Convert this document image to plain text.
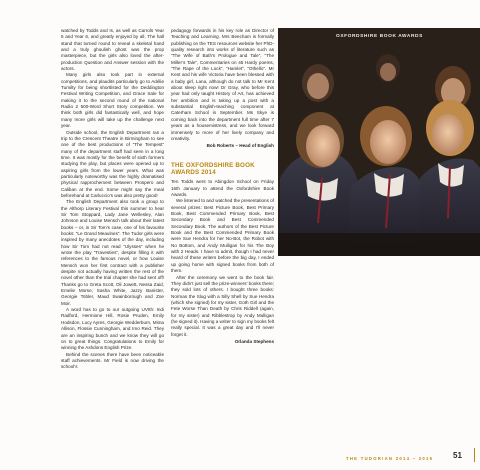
watched by Todds and Is, as well as Carrols Year 5 and Year 6, and greatly enjoyed by all. The hall stand that turned round to reveal a skeletal hand and a truly ghoulish ghost was the prop masterpiece, but the girls also loved the after-production Question and Answer session with the actors.

Many girls also took part in external competitions, and plaudits particularly go to Adélie Tumilty for being shortlisted for the Deddington Festival Writing Competition, and Grace Sale for making it to the second round of the national Radio 2 500-Word Short Story competition. We think both girls did fantastically well, and hope many more girls will take up the challenge next year.

Outside school, the English Department ran a trip to the Crescent Theatre in Birmingham to see one of the best productions of “The Tempest” many of the department staff had seen in a long time. It was mostly for the benefit of sixth formers studying the play, but places were opened up to aspiring girls from the lower years. What was particularly noteworthy was the highly dramatised physical rapprochement between Prospero and Caliban at the end. Some might say the meal beforehand at Carluccio’s was also pretty good!

The English Department also took a group to the Althorp Literary Festival this summer to hear Sir Tom Stoppard, Lady Jane Wellesley, Alan Johnson and Louise Mensch talk about their latest books – or, in Sir Tom’s case, one of his favourite books: “Le Grand Meaulnes”. The Tudor girls were inspired by many anecdotes of the day, including how Sir Tom had not read “Ulysses” when he wrote the play “Travesties”, despite filling it with references to the famous novel, or how Louise Mensch won her first contract with a publisher despite not actually having written the rest of the novel other than the trial chapter she had sent off! Thanks go to Greta Scott, Oli Jowett, Nessa Zaid, Emelie Morse, Sasha White, Jazzy Banister, Georgie Tobler, Maud Swainborough and Zoe Moir.

A word has to go to our outgoing UVIth: Indi Radford, Hermione Hill, Rosie Pruden, Emily Hodsdon, Lucy Ayres, Georgie Wedderburn, Mima Allison, Flossie Cunningham, and Imo Reid. They are an inspiring bunch and we know they will go on to great things. Congratulations to Emily for winning the Ashdons English Prize.

Behind the scenes there have been noticeable staff achievements. Mr Field is now driving the school’s

pedagogy forwards in his key role as Director of Teaching and Learning. Mrs Beecham is formally publishing on the TES resources website her PhD-quality research into works of literature such as “The Wife of Bath’s Prologue and Tale”, “The Miller’s Tale”, Commentaries on 45 Hardy poems, “The Rape of the Lock”, “Hamlet”, “Othello”. Mr Kent and his wife Victoria have been blessed with a baby girl, Lana, although do not talk to Mr Kent about sleep right now! Dr Gray, who before this year had only taught History of Art, has achieved her ambition and is taking up a post with a substantial English-teaching component at Caterham School in September. Ms Skye is coming back into the department full time after 7 years as a housemistress, and we look forward immensely to more of her lively company and creativity.

Bob Roberts – Head of English

THE OXFORDSHIRE BOOK
AWARDS 2014

Ten Todds went to Abingdon School on Friday 16th January to attend the Oxfordshire Book Awards.

We listened to and watched the presentations of several prizes: Best Picture Book, Best Primary Book, Best Commended Primary Book, Best Secondary Book and Best Commended Secondary Book. The authors of the Best Picture Book and the Best Commended Primary Book were Sue Hendra for her No-Bot, the Robot with No Bottom, and Andy Mulligan for his The Boy with 2 Heads. I have to admit, though I had never heard of these writers before the big day, I ended up going home with signed books from both of them.

After the ceremony we went to the book fair. They didn’t just sell the prize-winners’ books there; they sold lots of others. I bought three books: Norman the Slug with a Silly Shell by Sue Hendra (which she signed) for my sister, Goth Girl and the Fete Worse Than Death by Chris Riddell (again, for my sister) and Ribblestrop by Andy Mulligan (he signed it). Having a writer to sign my books felt really special. It was a great day and I’ll never forget it.

Orlanda Stephens

OXFORDSHIRE BOOK AWARDS
THE TUDORIAN 2014 – 2015 51
